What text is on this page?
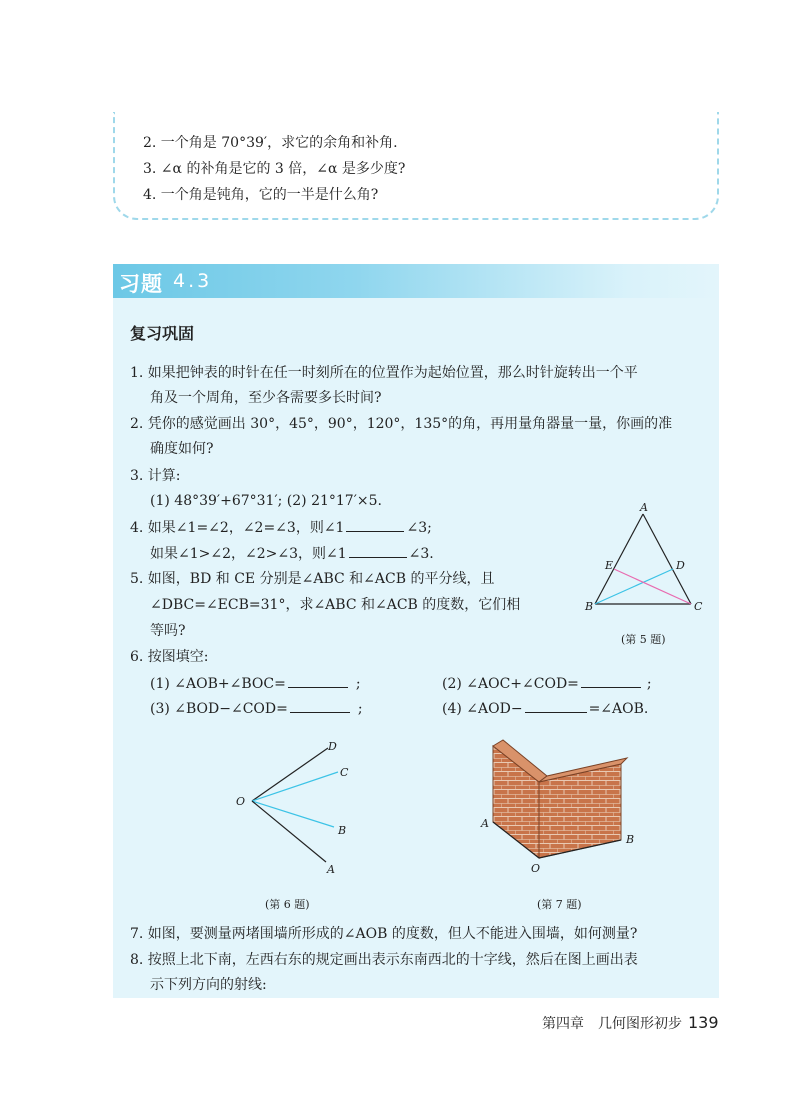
2. 一个角是 70°39′，求它的余角和补角.
3. ∠α 的补角是它的 3 倍，∠α 是多少度?
4. 一个角是钝角，它的一半是什么角?
习题 4.3
复习巩固
1. 如果把钟表的时针在任一时刻所在的位置作为起始位置，那么时针旋转出一个平
角及一个周角，至少各需要多长时间?
2. 凭你的感觉画出 30°，45°，90°，120°，135°的角，再用量角器量一量，你画的准
确度如何?
3. 计算:
(1) 48°39′+67°31′; (2) 21°17′×5.
4. 如果∠1=∠2，∠2=∠3，则∠1	∠3;
如果∠1>∠2，∠2>∠3，则∠1	∠3.
5. 如图，BD 和 CE 分别是∠ABC 和∠ACB 的平分线，且
∠DBC=∠ECB=31°，求∠ABC 和∠ACB 的度数，它们相
等吗?
A
E	D
B	C
(第 5 题)
6. 按图填空:
(1) ∠AOB+∠BOC=	;	(2) ∠AOC+∠COD=	;
(3) ∠BOD−∠COD=	;	(4) ∠AOD−	=∠AOB.
D
C
O
B
A
(第 6 题)
A
B
O
(第 7 题)
7. 如图，要测量两堵围墙所形成的∠AOB 的度数，但人不能进入围墙，如何测量?
8. 按照上北下南，左西右东的规定画出表示东南西北的十字线，然后在图上画出表
示下列方向的射线:
第四章　几何图形初步 139
